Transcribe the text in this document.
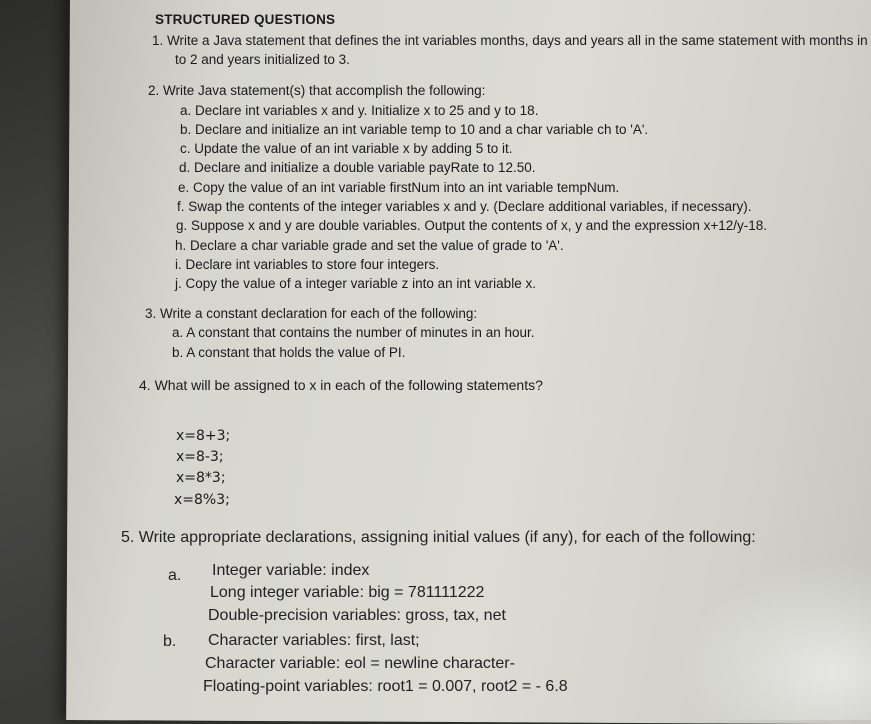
STRUCTURED QUESTIONS
1. Write a Java statement that defines the int variables months, days and years all in the same statement with months in
to 2 and years initialized to 3.
2. Write Java statement(s) that accomplish the following:
a. Declare int variables x and y. Initialize x to 25 and y to 18.
b. Declare and initialize an int variable temp to 10 and a char variable ch to 'A'.
c. Update the value of an int variable x by adding 5 to it.
d. Declare and initialize a double variable payRate to 12.50.
e. Copy the value of an int variable firstNum into an int variable tempNum.
f. Swap the contents of the integer variables x and y. (Declare additional variables, if necessary).
g. Suppose x and y are double variables. Output the contents of x, y and the expression x+12/y-18.
h. Declare a char variable grade and set the value of grade to 'A'.
i. Declare int variables to store four integers.
j. Copy the value of a integer variable z into an int variable x.
3. Write a constant declaration for each of the following:
a. A constant that contains the number of minutes in an hour.
b. A constant that holds the value of PI.
4. What will be assigned to x in each of the following statements?
x=8+3;
x=8-3;
x=8*3;
x=8%3;
5. Write appropriate declarations, assigning initial values (if any), for each of the following:
a. Integer variable: index
Long integer variable: big = 781111222
Double-precision variables: gross, tax, net
b. Character variables: first, last;
Character variable: eol = newline character-
Floating-point variables: root1 = 0.007, root2 = - 6.8
